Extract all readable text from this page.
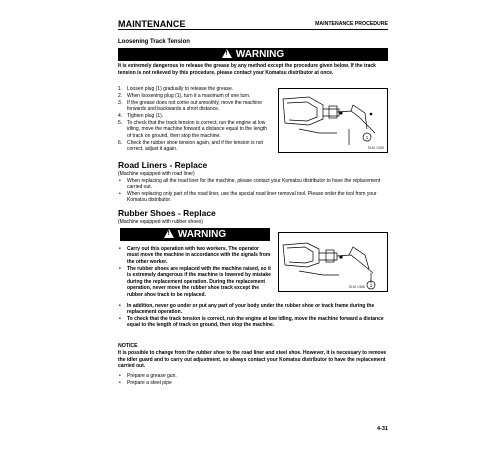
MAINTENANCE	MAINTENANCE PROCEDURE
Loosening Track Tension
!WARNING
It is extremely dangerous to release the grease by any method except the procedure given below. If the track tension is not relieved by this procedure, please contact your Komatsu distributor at once.
1. Loosen plug (1) gradually to release the grease.
2. When loosening plug (1), turn it a maximum of one turn.
3. If the grease does not come out smoothly, move the machine forwards and backwards a short distance.
4. Tighten plug (1).
5. To check that the track tension is correct, run the engine at low idling, move the machine forward a distance equal to the length of track on ground, then stop the machine.
6. Check the rubber shoe tension again, and if the tension is not correct, adjust it again.
1
SLM 1365
Road Liners - Replace
(Machine equipped with road liner)
• When replacing all the road liner for the machine, please contact your Komatsu distributor to have the replacement carried out.
• When replacing only part of the road liner, use the special road liner removal tool. Please order the tool from your Komatsu distributor.
Rubber Shoes - Replace
(Machine equipped with rubber shoes)
!WARNING
• Carry out this operation with two workers. The operator must move the machine in accordance with the signals from the other worker.
• The rubber shoes are replaced with the machine raised, so it is extremely dangerous if the machine is lowered by mistake during the replacement operation. During the replacement operation, never move the rubber shoe track except the rubber shoe track to be replaced.
• In addition, never go under or put any part of your body under the rubber shoe or track frame during the replacement operation.
• To check that the track tension is correct, run the engine at low idling, move the machine forward a distance equal to the length of track on ground, then stop the machine.
1
SLM 1366
NOTICE
It is possible to change from the rubber shoe to the road liner and steel shoe. However, it is necessary to remove the idler guard and to carry out adjustment, so always contact your Komatsu distributor to have the replacement carried out.
• Prepare a grease gun.
• Prepare a steel pipe
4-31
